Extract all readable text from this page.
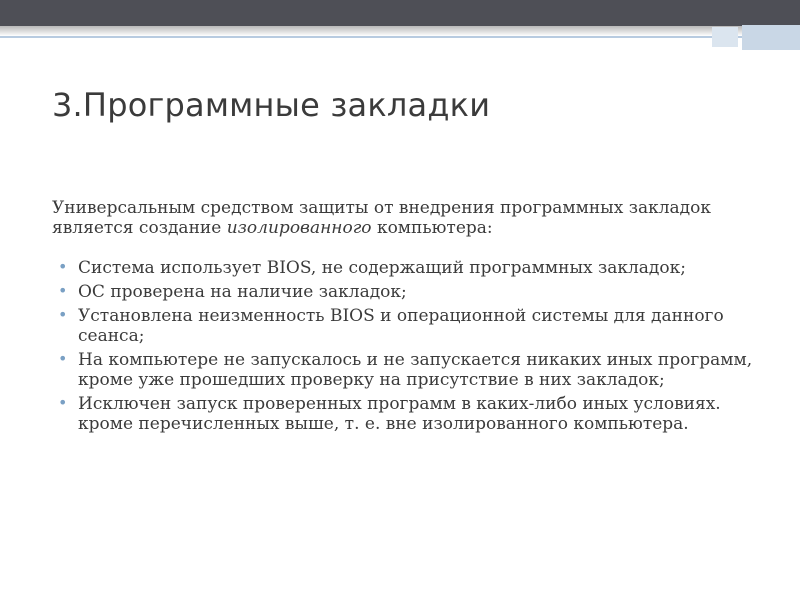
3.Программные закладки

Универсальным средством защиты от внедрения программных закладок является создание изолированного компьютера:

• Система использует BIOS, не содержащий программных закладок;
• ОС проверена на наличие закладок;
• Установлена неизменность BIOS и операционной системы для данного сеанса;
• На компьютере не запускалось и не запускается никаких иных программ, кроме уже прошедших проверку на присутствие в них закладок;
• Исключен запуск проверенных программ в каких-либо иных условиях. кроме перечисленных выше, т. е. вне изолированного компьютера.
